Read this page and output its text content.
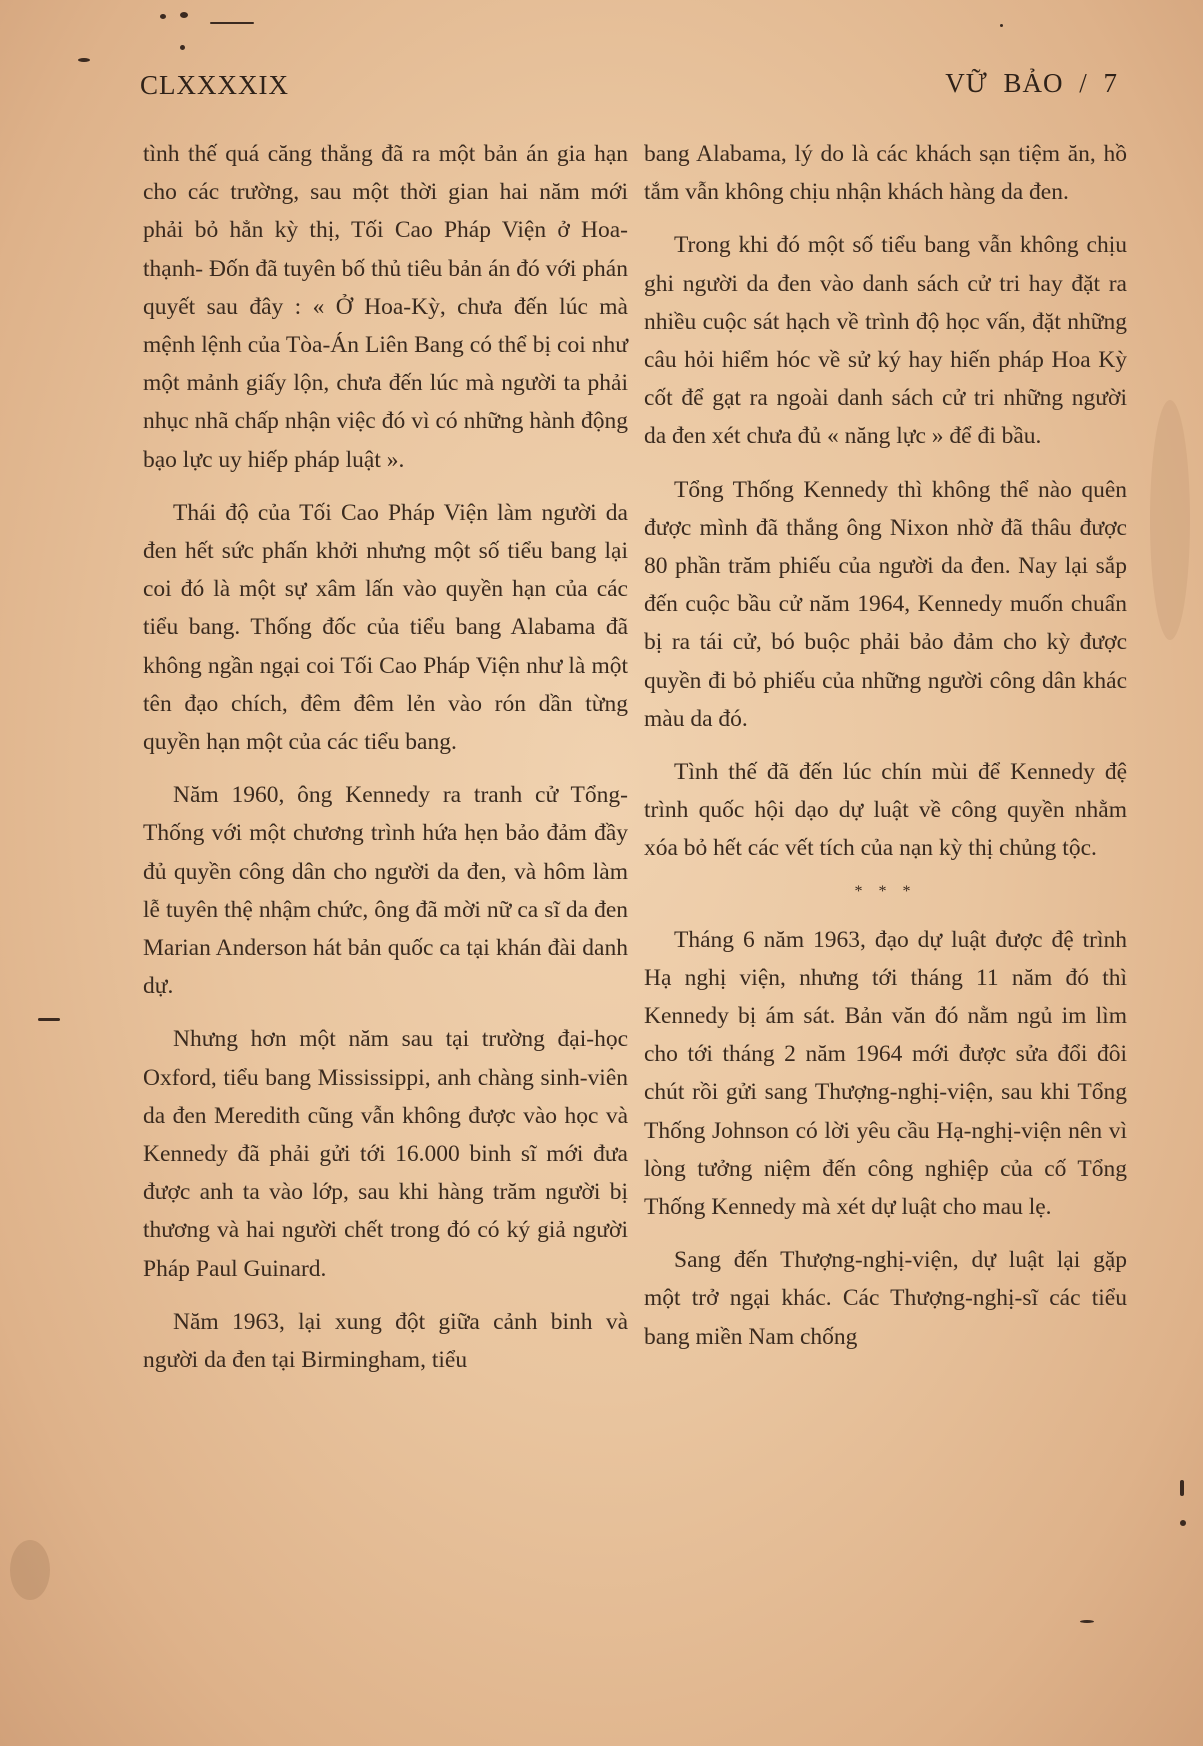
CLXXXXIX	VỮ BẢO / 7

tình thế quá căng thẳng đã ra một bản án gia hạn cho các trường, sau một thời gian hai năm mới phải bỏ hẳn kỳ thị, Tối Cao Pháp Viện ở Hoa-thạnh- Đốn đã tuyên bố thủ tiêu bản án đó với phán quyết sau đây : « Ở Hoa-Kỳ, chưa đến lúc mà mệnh lệnh của Tòa-Án Liên Bang có thể bị coi như một mảnh giấy lộn, chưa đến lúc mà người ta phải nhục nhã chấp nhận việc đó vì có những hành động bạo lực uy hiếp pháp luật ».

Thái độ của Tối Cao Pháp Viện làm người da đen hết sức phấn khởi nhưng một số tiểu bang lại coi đó là một sự xâm lấn vào quyền hạn của các tiểu bang. Thống đốc của tiểu bang Alabama đã không ngần ngại coi Tối Cao Pháp Viện như là một tên đạo chích, đêm đêm lẻn vào rón dần từng quyền hạn một của các tiểu bang.

Năm 1960, ông Kennedy ra tranh cử Tổng-Thống với một chương trình hứa hẹn bảo đảm đầy đủ quyền công dân cho người da đen, và hôm làm lễ tuyên thệ nhậm chức, ông đã mời nữ ca sĩ da đen Marian Anderson hát bản quốc ca tại khán đài danh dự.

Nhưng hơn một năm sau tại trường đại-học Oxford, tiểu bang Mississippi, anh chàng sinh-viên da đen Meredith cũng vẫn không được vào học và Kennedy đã phải gửi tới 16.000 binh sĩ mới đưa được anh ta vào lớp, sau khi hàng trăm người bị thương và hai người chết trong đó có ký giả người Pháp Paul Guinard.

Năm 1963, lại xung đột giữa cảnh binh và người da đen tại Birmingham, tiểu

bang Alabama, lý do là các khách sạn tiệm ăn, hồ tắm vẫn không chịu nhận khách hàng da đen.

Trong khi đó một số tiểu bang vẫn không chịu ghi người da đen vào danh sách cử tri hay đặt ra nhiều cuộc sát hạch về trình độ học vấn, đặt những câu hỏi hiểm hóc về sử ký hay hiến pháp Hoa Kỳ cốt để gạt ra ngoài danh sách cử tri những người da đen xét chưa đủ « năng lực » để đi bầu.

Tổng Thống Kennedy thì không thể nào quên được mình đã thắng ông Nixon nhờ đã thâu được 80 phần trăm phiếu của người da đen. Nay lại sắp đến cuộc bầu cử năm 1964, Kennedy muốn chuẩn bị ra tái cử, bó buộc phải bảo đảm cho kỳ được quyền đi bỏ phiếu của những người công dân khác màu da đó.

Tình thế đã đến lúc chín mùi để Kennedy đệ trình quốc hội dạo dự luật về công quyền nhằm xóa bỏ hết các vết tích của nạn kỳ thị chủng tộc.

* * *

Tháng 6 năm 1963, đạo dự luật được đệ trình Hạ nghị viện, nhưng tới tháng 11 năm đó thì Kennedy bị ám sát. Bản văn đó nằm ngủ im lìm cho tới tháng 2 năm 1964 mới được sửa đổi đôi chút rồi gửi sang Thượng-nghị-viện, sau khi Tổng Thống Johnson có lời yêu cầu Hạ-nghị-viện nên vì lòng tưởng niệm đến công nghiệp của cố Tổng Thống Kennedy mà xét dự luật cho mau lẹ.

Sang đến Thượng-nghị-viện, dự luật lại gặp một trở ngại khác. Các Thượng-nghị-sĩ các tiểu bang miền Nam chống
